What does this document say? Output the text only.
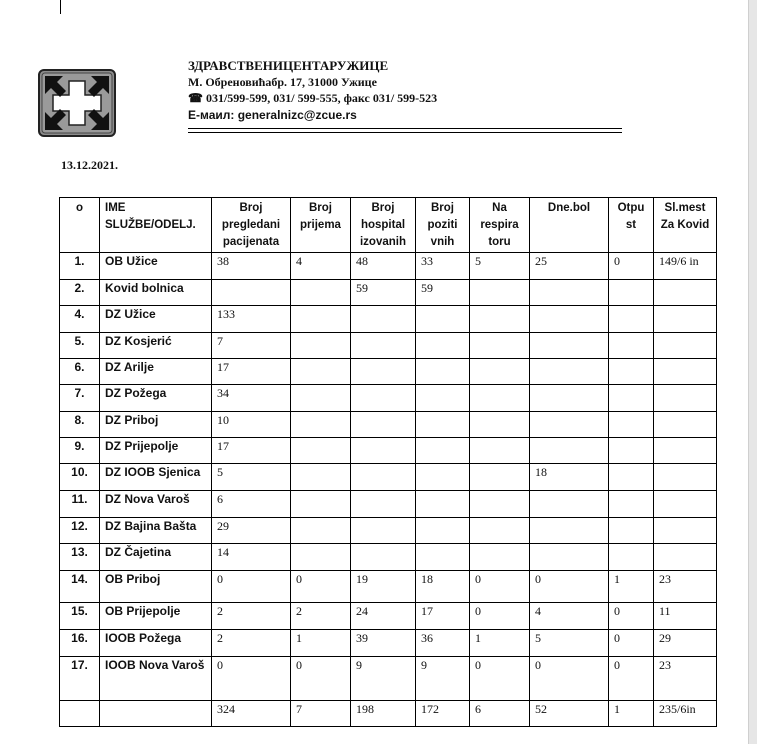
ЗДРАВСТВЕНИЦЕНТАРУЖИЦЕ
М. Обреновићабр. 17, 31000 Ужице
☎ 031/599-599, 031/ 599-555, факс 031/ 599-523
Е-маил: generalnizc@zcue.rs
13.12.2021.
o	IME SLUŽBE/ODELJ.	Broj pregledani pacijenata	Broj prijema	Broj hospital izovanih	Broj poziti vnih	Na respira toru	Dne.bol	Otpu st	Sl.mest Za Kovid
1.	OB Užice	38	4	48	33	5	25	0	149/6 in
2.	Kovid bolnica			59	59				
4.	DZ Užice	133							
5.	DZ Kosjerić	7							
6.	DZ Arilje	17							
7.	DZ Požega	34							
8.	DZ Priboj	10							
9.	DZ Prijepolje	17							
10.	DZ IOOB Sjenica	5					18		
11.	DZ Nova Varoš	6							
12.	DZ Bajina Bašta	29							
13.	DZ Čajetina	14							
14.	OB Priboj	0	0	19	18	0	0	1	23
15.	OB Prijepolje	2	2	24	17	0	4	0	11
16.	IOOB Požega	2	1	39	36	1	5	0	29
17.	IOOB Nova Varoš	0	0	9	9	0	0	0	23
		324	7	198	172	6	52	1	235/6in
